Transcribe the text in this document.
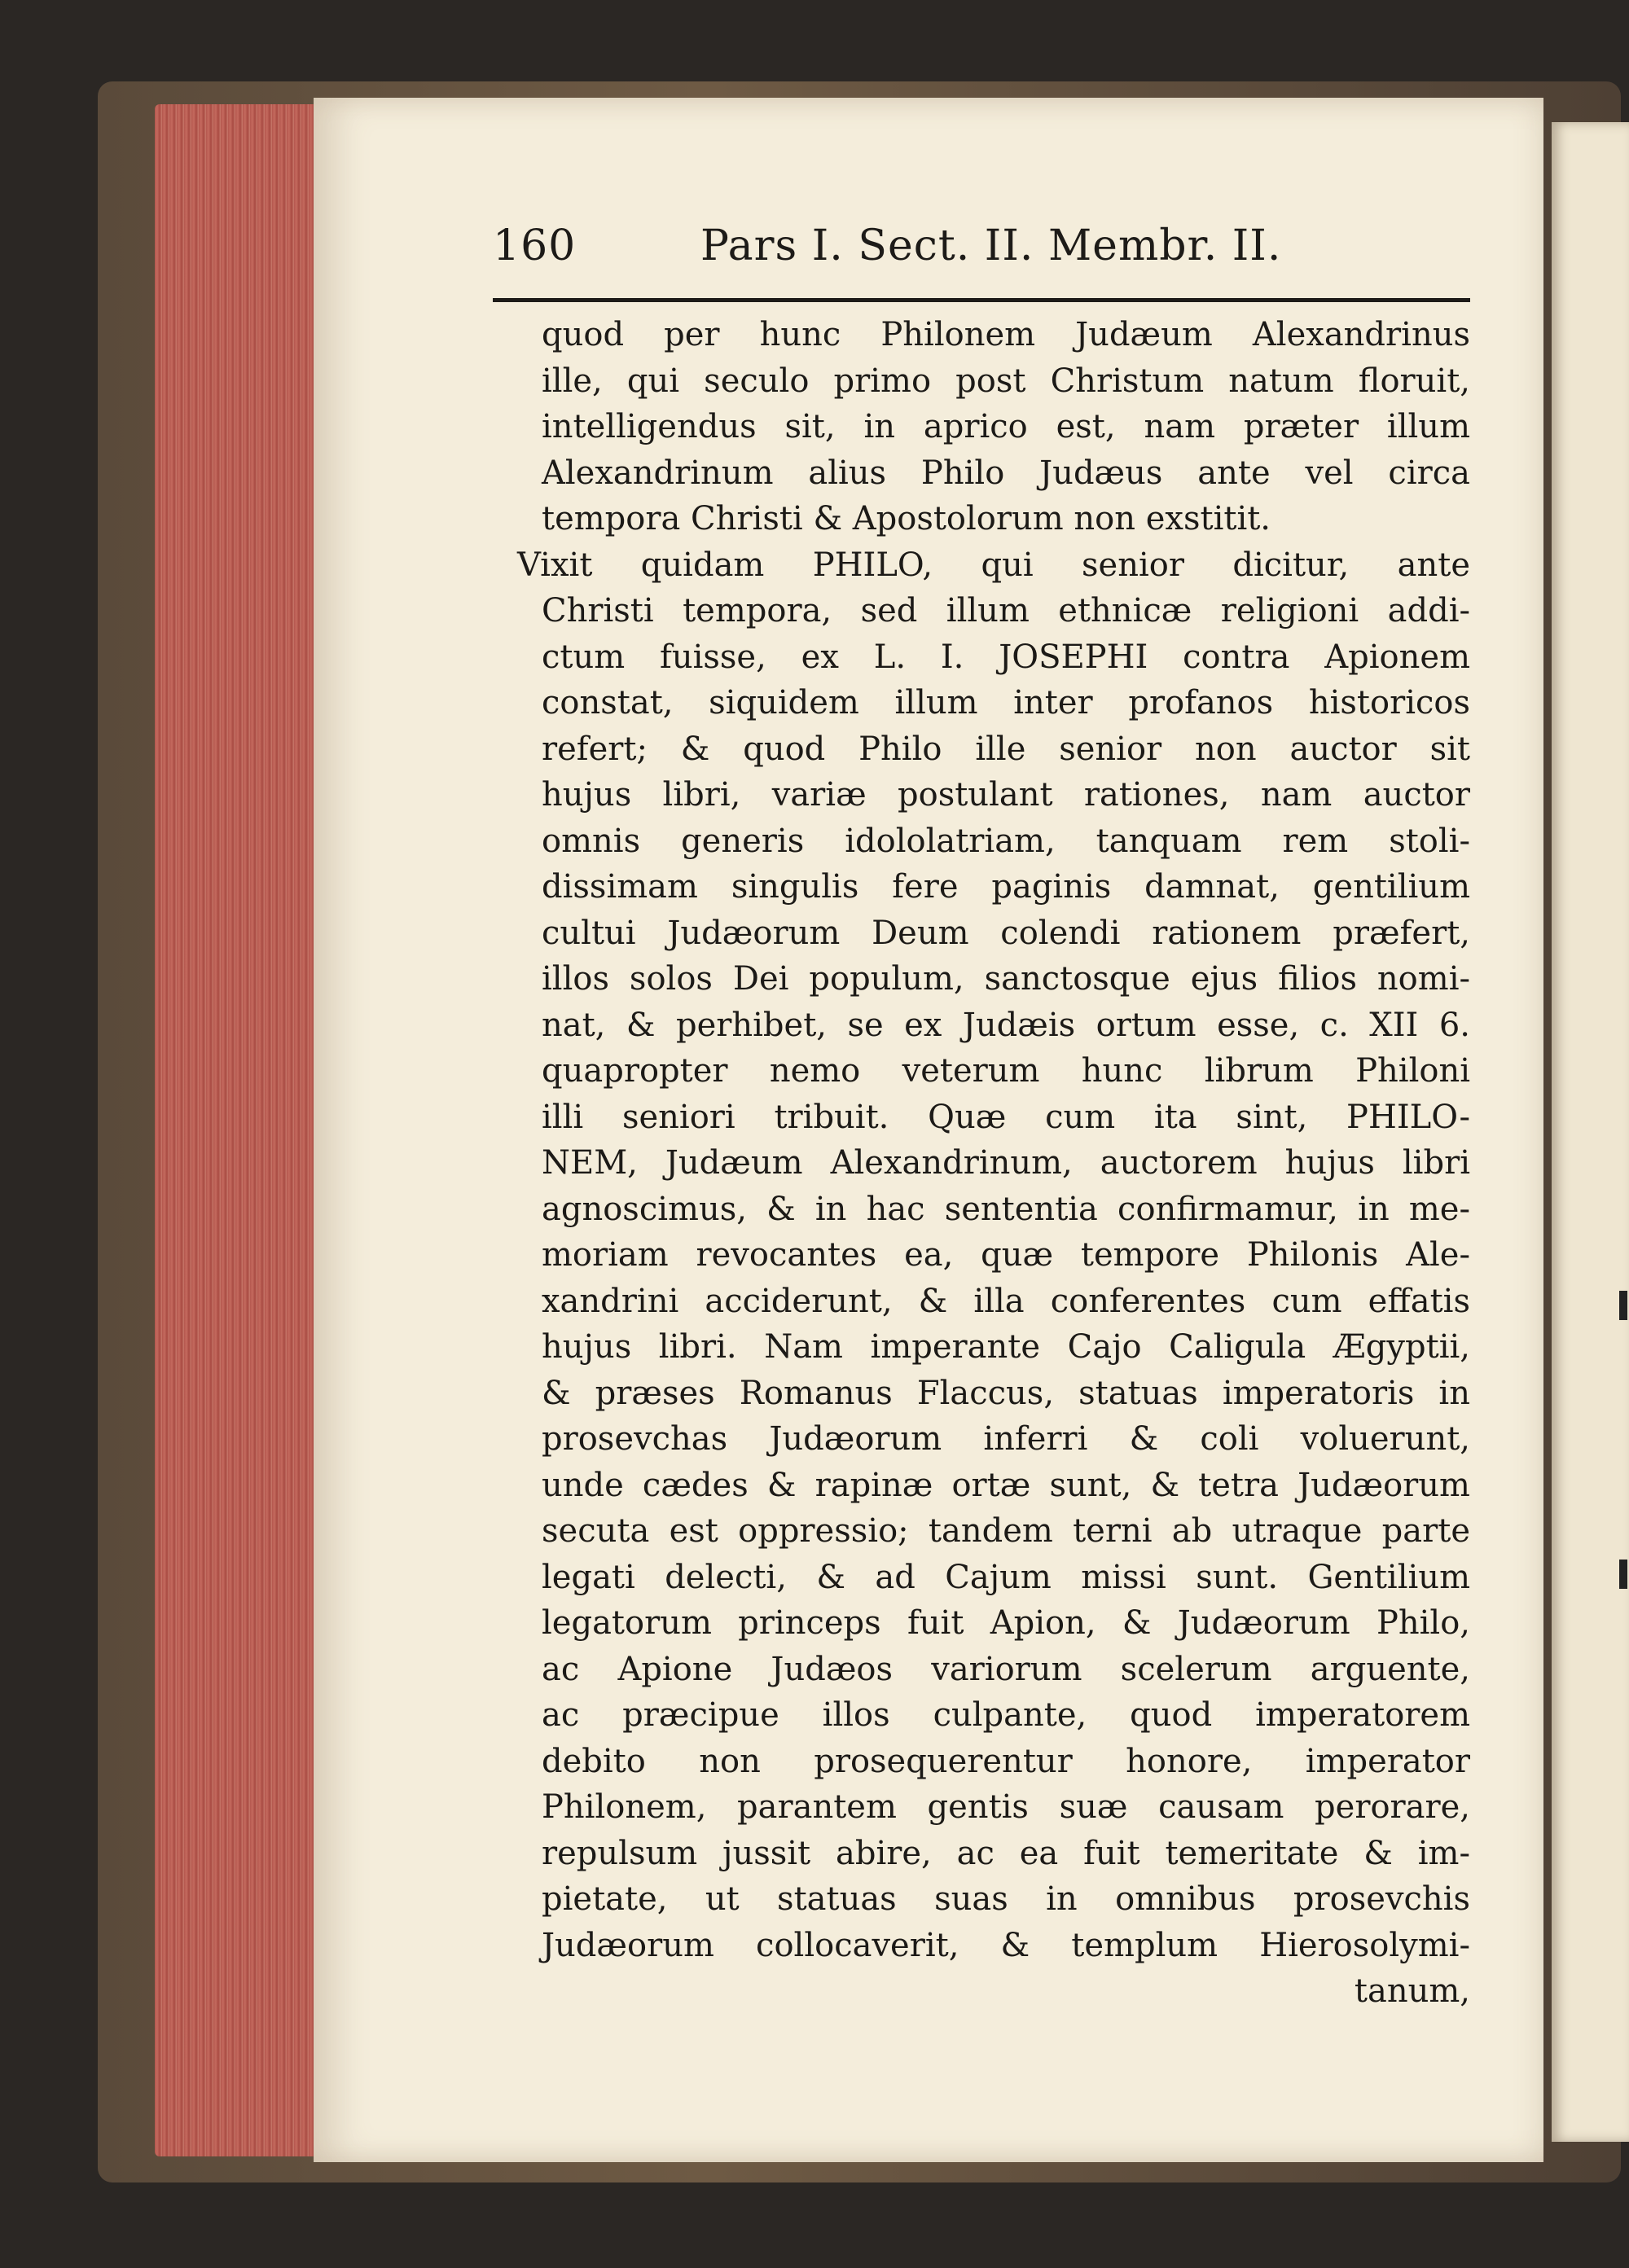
160	Pars I. Sect. II. Membr. II.
quod per hunc Philonem Judæum Alexandrinus
ille, qui seculo primo post Christum natum floruit,
intelligendus sit, in aprico est, nam præter illum
Alexandrinum alius Philo Judæus ante vel circa
tempora Christi & Apostolorum non exstitit.
Vixit quidam PHILO, qui senior dicitur, ante
Christi tempora, sed illum ethnicæ religioni addi-
ctum fuisse, ex L. I. JOSEPHI contra Apionem
constat, siquidem illum inter profanos historicos
refert; & quod Philo ille senior non auctor sit
hujus libri, variæ postulant rationes, nam auctor
omnis generis idololatriam, tanquam rem stoli-
dissimam singulis fere paginis damnat, gentilium
cultui Judæorum Deum colendi rationem præfert,
illos solos Dei populum, sanctosque ejus filios nomi-
nat, & perhibet, se ex Judæis ortum esse, c. XII 6.
quapropter nemo veterum hunc librum Philoni
illi seniori tribuit. Quæ cum ita sint, PHILO-
NEM, Judæum Alexandrinum, auctorem hujus libri
agnoscimus, & in hac sententia confirmamur, in me-
moriam revocantes ea, quæ tempore Philonis Ale-
xandrini acciderunt, & illa conferentes cum effatis
hujus libri. Nam imperante Cajo Caligula Ægyptii,
& præses Romanus Flaccus, statuas imperatoris in
prosevchas Judæorum inferri & coli voluerunt,
unde cædes & rapinæ ortæ sunt, & tetra Judæorum
secuta est oppressio; tandem terni ab utraque parte
legati delecti, & ad Cajum missi sunt. Gentilium
legatorum princeps fuit Apion, & Judæorum Philo,
ac Apione Judæos variorum scelerum arguente,
ac præcipue illos culpante, quod imperatorem
debito non prosequerentur honore, imperator
Philonem, parantem gentis suæ causam perorare,
repulsum jussit abire, ac ea fuit temeritate & im-
pietate, ut statuas suas in omnibus prosevchis
Judæorum collocaverit, & templum Hierosolymi-
tanum,
